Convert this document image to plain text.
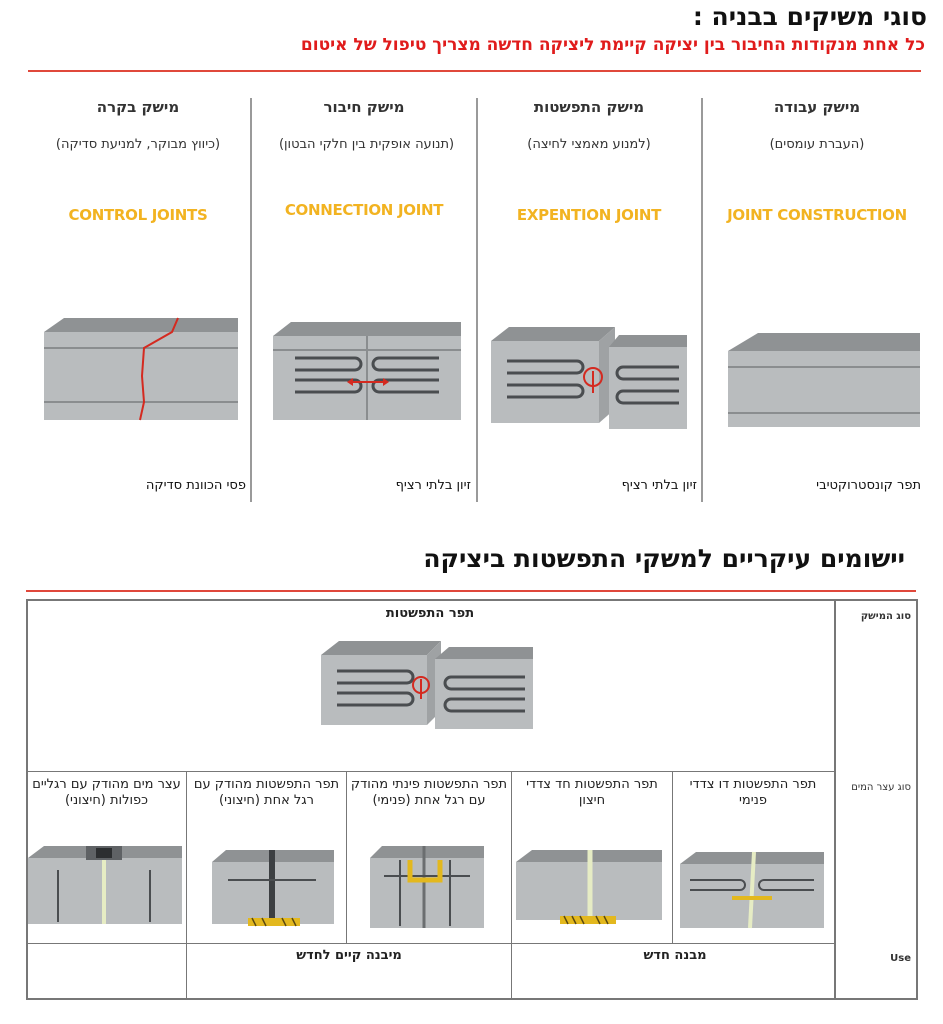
סוגי משיקים בבניה :
כל אחת מנקודות החיבור בין יציקה קיימת ליציקה חדשה מצריך טיפול של איטום
מישק עבודה
(העברת עומסים)
JOINT CONSTRUCTION
תפר קונסטרוקטיבי
מישק התפשטות
(למנוע מאמצי לחיצה)
EXPENTION JOINT
זיון בלתי רציף
מישק חיבור
(תנועה אופקית בין חלקי הבטון)
CONNECTION JOINT
זיון בלתי רציף
מישק בקרה
(כיווץ מבוקר, למניעת סדיקה)
CONTROL JOINTS
פסי הכוונת סדיקה
יישומים עיקריים למשקי התפשטות ביציקה
סוג המישק
סוג עצר המים
Use
תפר התפשטות
תפר התפשטות דו צדדי פנימי
תפר התפשטות חד צדדי חיצון
תפר התפשטות פינתי מהודק עם רגל אחת (פנימי)
תפר התפשטות מהודק עם רגל אחת (חיצוני)
עצר מים מהודק עם רגליים כפולות (חיצוני)
מבנה חדש
מיבנה קיים לחדש
